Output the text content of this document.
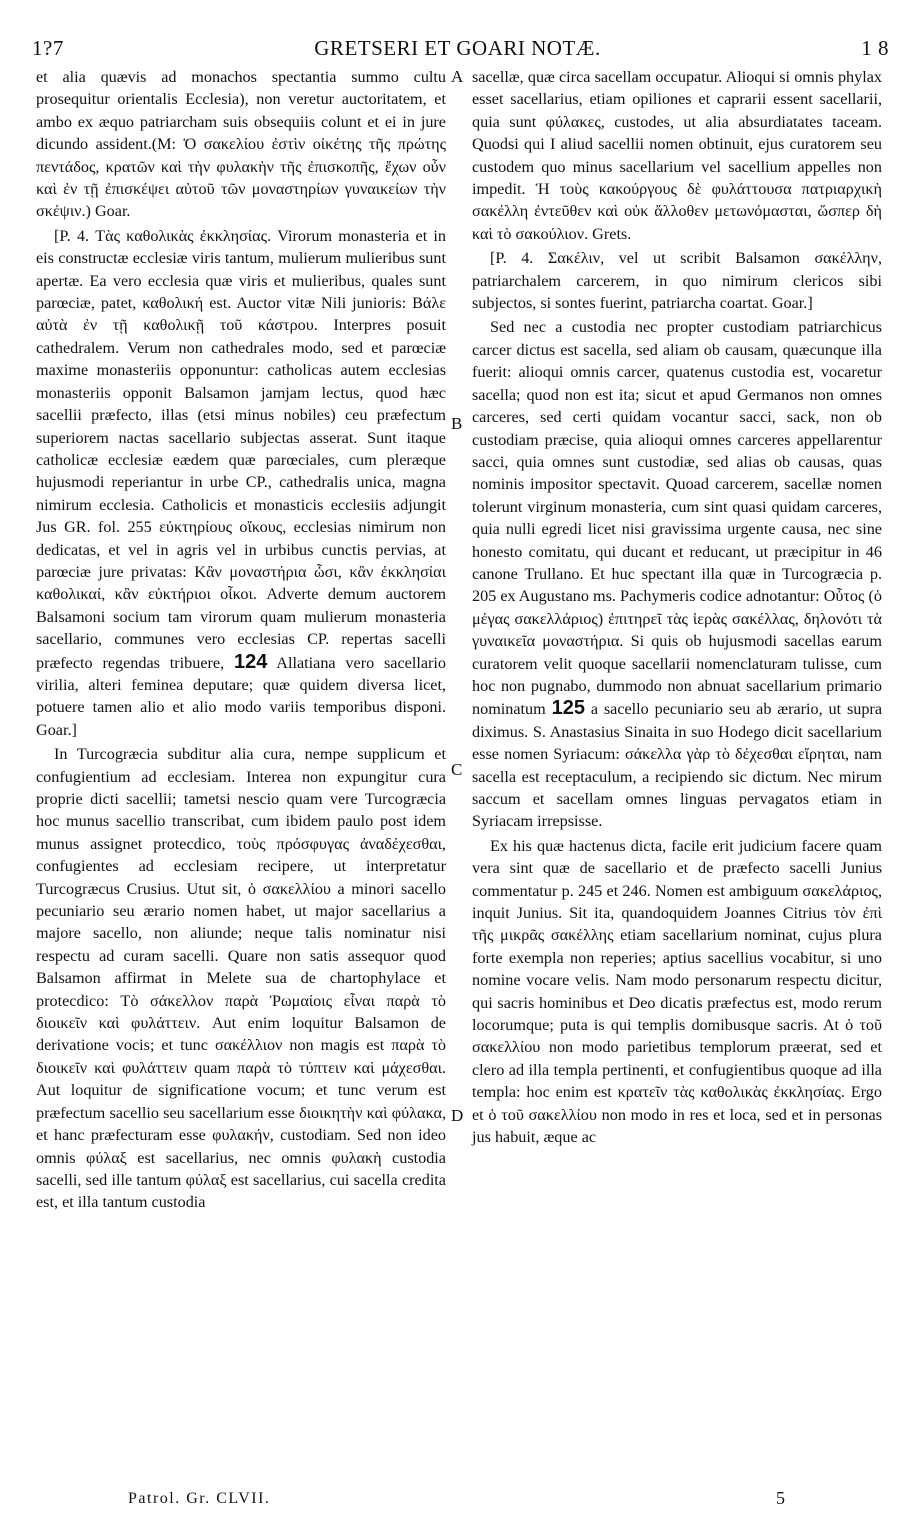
1?7	GRETSERI ET GOARI NOTÆ.	1 8
A
B
C
D

et alia quævis ad monachos spectantia summo cultu prosequitur orientalis Ecclesia), non veretur auctoritatem, et ambo ex æquo patriarcham suis obsequiis colunt et ei in jure dicundo assident.(M: Ὁ σακελίου ἐστὶν οἰκέτης τῆς πρώτης πεντάδος, κρατῶν καὶ τὴν φυλακὴν τῆς ἐπισκοπῆς, ἔχων οὖν καὶ ἐν τῇ ἐπισκέψει αὐτοῦ τῶν μοναστηρίων γυναικείων τὴν σκέψιν.) Goar.

[P. 4. Τὰς καθολικὰς ἐκκλησίας. Virorum monasteria et in eis constructæ ecclesiæ viris tantum, mulierum mulieribus sunt apertæ. Ea vero ecclesia quæ viris et mulieribus, quales sunt parœciæ, patet, καθολική est. Auctor vitæ Nili junioris: Βάλε αὐτὰ ἐν τῇ καθολικῇ τοῦ κάστρου. Interpres posuit cathedralem. Verum non cathedrales modo, sed et parœciæ maxime monasteriis opponuntur: catholicas autem ecclesias monasteriis opponit Balsamon jamjam lectus, quod hæc sacellii præfecto, illas (etsi minus nobiles) ceu præfectum superiorem nactas sacellario subjectas asserat. Sunt itaque catholicæ ecclesiæ eædem quæ parœciales, cum pleræque hujusmodi reperiantur in urbe CP., cathedralis unica, magna nimirum ecclesia. Catholicis et monasticis ecclesiis adjungit Jus GR. fol. 255 εὐκτηρίους οἴκους, ecclesias nimirum non dedicatas, et vel in agris vel in urbibus cunctis pervias, at parœciæ jure privatas: Κἂν μοναστήρια ὦσι, κἂν ἐκκλησίαι καθολικαί, κἂν εὐκτήριοι οἶκοι. Adverte demum auctorem Balsamoni socium tam virorum quam mulierum monasteria sacellario, communes vero ecclesias CP. repertas sacelli præfecto regendas tribuere, 124 Allatiana vero sacellario virilia, alteri feminea deputare; quæ quidem diversa licet, potuere tamen alio et alio modo variis temporibus disponi. Goar.]

In Turcogræcia subditur alia cura, nempe supplicum et confugientium ad ecclesiam. Interea non expungitur cura proprie dicti sacellii; tametsi nescio quam vere Turcogræcia hoc munus sacellio transcribat, cum ibidem paulo post idem munus assignet protecdico, τοὺς πρόσφυγας ἀναδέχεσθαι, confugientes ad ecclesiam recipere, ut interpretatur Turcogræcus Crusius. Utut sit, ὁ σακελλίου a minori sacello pecuniario seu ærario nomen habet, ut major sacellarius a majore sacello, non aliunde; neque talis nominatur nisi respectu ad curam sacelli. Quare non satis assequor quod Balsamon affirmat in Melete sua de chartophylace et protecdico: Τὸ σάκελλον παρὰ Ῥωμαίοις εἶναι παρὰ τὸ διοικεῖν καὶ φυλάττειν. Aut enim loquitur Balsamon de derivatione vocis; et tunc σακέλλιον non magis est παρὰ τὸ διοικεῖν καὶ φυλάττειν quam παρὰ τὸ τύπτειν καὶ μάχεσθαι. Aut loquitur de significatione vocum; et tunc verum est præfectum sacellio seu sacellarium esse διοικητὴν καὶ φύλακα, et hanc præfecturam esse φυλακήν, custodiam. Sed non ideo omnis φύλαξ est sacellarius, nec omnis φυλακὴ custodia sacelli, sed ille tantum φύλαξ est sacellarius, cui sacella credita est, et illa tantum custodia

sacellæ, quæ circa sacellam occupatur. Alioqui si omnis phylax esset sacellarius, etiam opiliones et caprarii essent sacellarii, quia sunt φύλακες, custodes, ut alia absurdiatates taceam. Quodsi qui I aliud sacellii nomen obtinuit, ejus curatorem seu custodem quo minus sacellarium vel sacellium appelles non impedit. Ἡ τοὺς κακούργους δὲ φυλάττουσα πατριαρχικὴ σακέλλη ἐντεῦθεν καὶ οὐκ ἄλλοθεν μετωνόμασται, ὥσπερ δὴ καὶ τὸ σακούλιον. Grets.

[P. 4. Σακέλιν, vel ut scribit Balsamon σακέλλην, patriarchalem carcerem, in quo nimirum clericos sibi subjectos, si sontes fuerint, patriarcha coartat. Goar.]

Sed nec a custodia nec propter custodiam patriarchicus carcer dictus est sacella, sed aliam ob causam, quæcunque illa fuerit: alioqui omnis carcer, quatenus custodia est, vocaretur sacella; quod non est ita; sicut et apud Germanos non omnes carceres, sed certi quidam vocantur sacci, sack, non ob custodiam præcise, quia alioqui omnes carceres appellarentur sacci, quia omnes sunt custodiæ, sed alias ob causas, quas nominis impositor spectavit. Quoad carcerem, sacellæ nomen tolerunt virginum monasteria, cum sint quasi quidam carceres, quia nulli egredi licet nisi gravissima urgente causa, nec sine honesto comitatu, qui ducant et reducant, ut præcipitur in 46 canone Trullano. Et huc spectant illa quæ in Turcogræcia p. 205 ex Augustano ms. Pachymeris codice adnotantur: Οὗτος (ὁ μέγας σακελλάριος) ἐπιτηρεῖ τὰς ἱερὰς σακέλλας, δηλονότι τὰ γυναικεῖα μοναστήρια. Si quis ob hujusmodi sacellas earum curatorem velit quoque sacellarii nomenclaturam tulisse, cum hoc non pugnabo, dummodo non abnuat sacellarium primario nominatum 125 a sacello pecuniario seu ab ærario, ut supra diximus. S. Anastasius Sinaita in suo Hodego dicit sacellarium esse nomen Syriacum: σάκελλα γὰρ τὸ δέχεσθαι εἴρηται, nam sacella est receptaculum, a recipiendo sic dictum. Nec mirum saccum et sacellam omnes linguas pervagatos etiam in Syriacam irrepsisse.

Ex his quæ hactenus dicta, facile erit judicium facere quam vera sint quæ de sacellario et de præfecto sacelli Junius commentatur p. 245 et 246. Nomen est ambiguum σακελάριος, inquit Junius. Sit ita, quandoquidem Joannes Citrius τὸν ἐπὶ τῆς μικρᾶς σακέλλης etiam sacellarium nominat, cujus plura forte exempla non reperies; aptius sacellius vocabitur, si uno nomine vocare velis. Nam modo personarum respectu dicitur, qui sacris hominibus et Deo dicatis præfectus est, modo rerum locorumque; puta is qui templis domibusque sacris. At ὁ τοῦ σακελλίου non modo parietibus templorum præerat, sed et clero ad illa templa pertinenti, et confugientibus quoque ad illa templa: hoc enim est κρατεῖν τὰς καθολικὰς ἐκκλησίας. Ergo et ὁ τοῦ σακελλίου non modo in res et loca, sed et in personas jus habuit, æque ac

Patrol. Gr. CLVII.	5
